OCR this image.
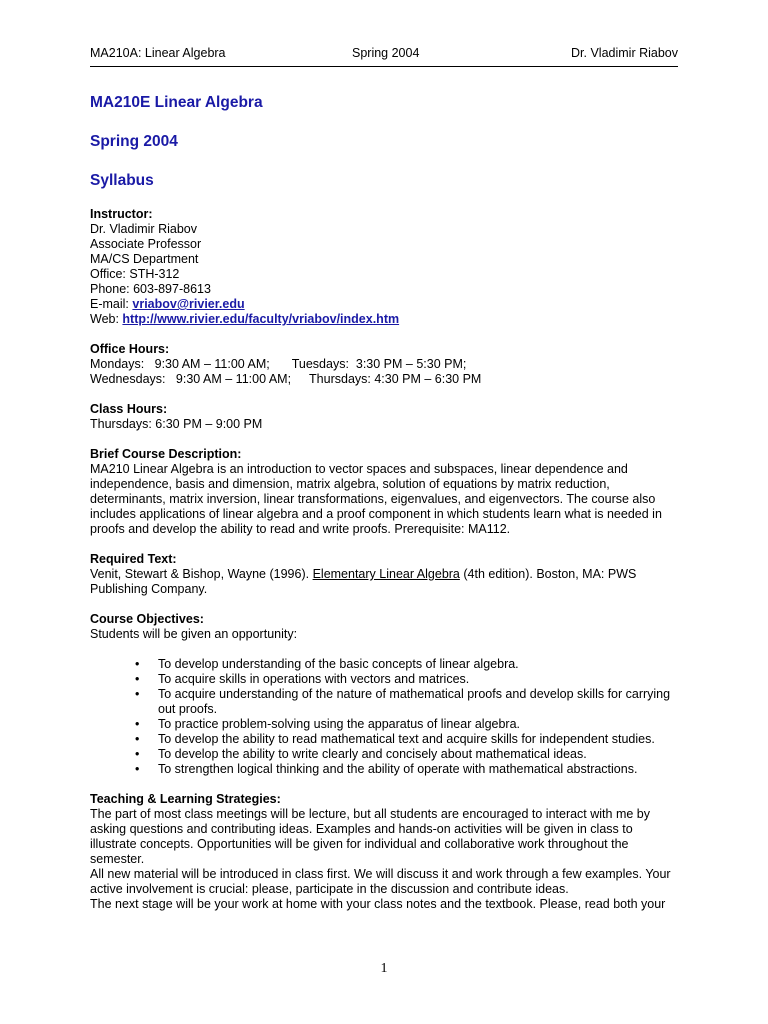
MA210A: Linear Algebra	Spring 2004	Dr. Vladimir Riabov
MA210E Linear Algebra
Spring 2004
Syllabus
Instructor:
Dr. Vladimir Riabov
Associate Professor
MA/CS Department
Office: STH-312
Phone: 603-897-8613
E-mail: vriabov@rivier.edu
Web: http://www.rivier.edu/faculty/vriabov/index.htm
Office Hours:
Mondays:   9:30 AM – 11:00 AM; Tuesdays:  3:30 PM – 5:30 PM;
Wednesdays:   9:30 AM – 11:00 AM; Thursdays: 4:30 PM – 6:30 PM
Class Hours:
Thursdays: 6:30 PM – 9:00 PM
Brief Course Description:

MA210 Linear Algebra is an introduction to vector spaces and subspaces, linear dependence and independence, basis and dimension, matrix algebra, solution of equations by matrix reduction, determinants, matrix inversion, linear transformations, eigenvalues, and eigenvectors. The course also includes applications of linear algebra and a proof component in which students learn what is needed in proofs and develop the ability to read and write proofs. Prerequisite: MA112.

Required Text:

Venit, Stewart & Bishop, Wayne (1996). Elementary Linear Algebra (4th edition). Boston, MA: PWS Publishing Company.

Course Objectives:
Students will be given an opportunity:
• To develop understanding of the basic concepts of linear algebra.
• To acquire skills in operations with vectors and matrices.
• To acquire understanding of the nature of mathematical proofs and develop skills for carrying out proofs.
• To practice problem-solving using the apparatus of linear algebra.
• To develop the ability to read mathematical text and acquire skills for independent studies.
• To develop the ability to write clearly and concisely about mathematical ideas.
• To strengthen logical thinking and the ability of operate with mathematical abstractions.
Teaching & Learning Strategies:

The part of most class meetings will be lecture, but all students are encouraged to interact with me by asking questions and contributing ideas. Examples and hands-on activities will be given in class to illustrate concepts. Opportunities will be given for individual and collaborative work throughout the semester.

All new material will be introduced in class first. We will discuss it and work through a few examples. Your active involvement is crucial: please, participate in the discussion and contribute ideas.

The next stage will be your work at home with your class notes and the textbook. Please, read both your

1
